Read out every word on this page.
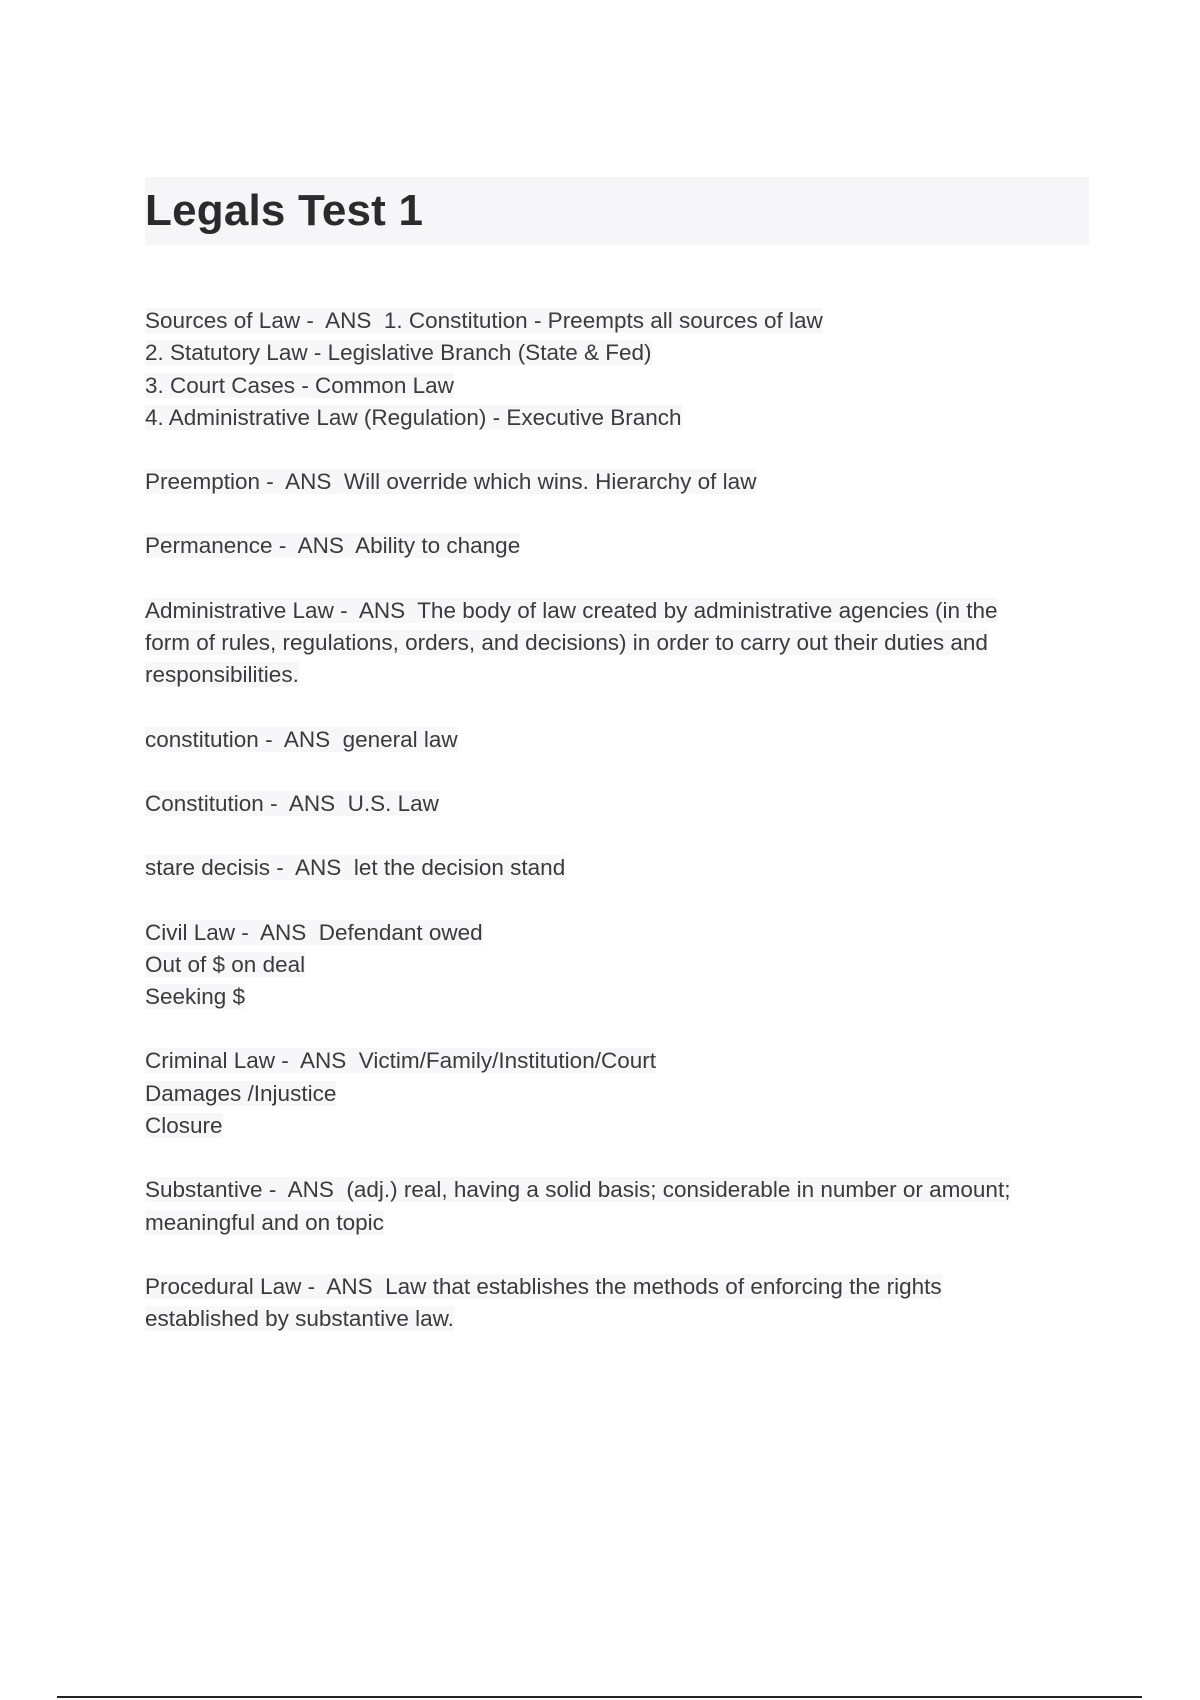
Legals Test 1
Sources of Law -  ANS  1. Constitution - Preempts all sources of law
2. Statutory Law - Legislative Branch (State & Fed)
3. Court Cases - Common Law
4. Administrative Law (Regulation) - Executive Branch
Preemption -  ANS  Will override which wins. Hierarchy of law
Permanence -  ANS  Ability to change
Administrative Law -  ANS  The body of law created by administrative agencies (in the
form of rules, regulations, orders, and decisions) in order to carry out their duties and
responsibilities.
constitution -  ANS  general law
Constitution -  ANS  U.S. Law
stare decisis -  ANS  let the decision stand
Civil Law -  ANS  Defendant owed
Out of $ on deal
Seeking $
Criminal Law -  ANS  Victim/Family/Institution/Court
Damages /Injustice
Closure
Substantive -  ANS  (adj.) real, having a solid basis; considerable in number or amount;
meaningful and on topic
Procedural Law -  ANS  Law that establishes the methods of enforcing the rights
established by substantive law.
